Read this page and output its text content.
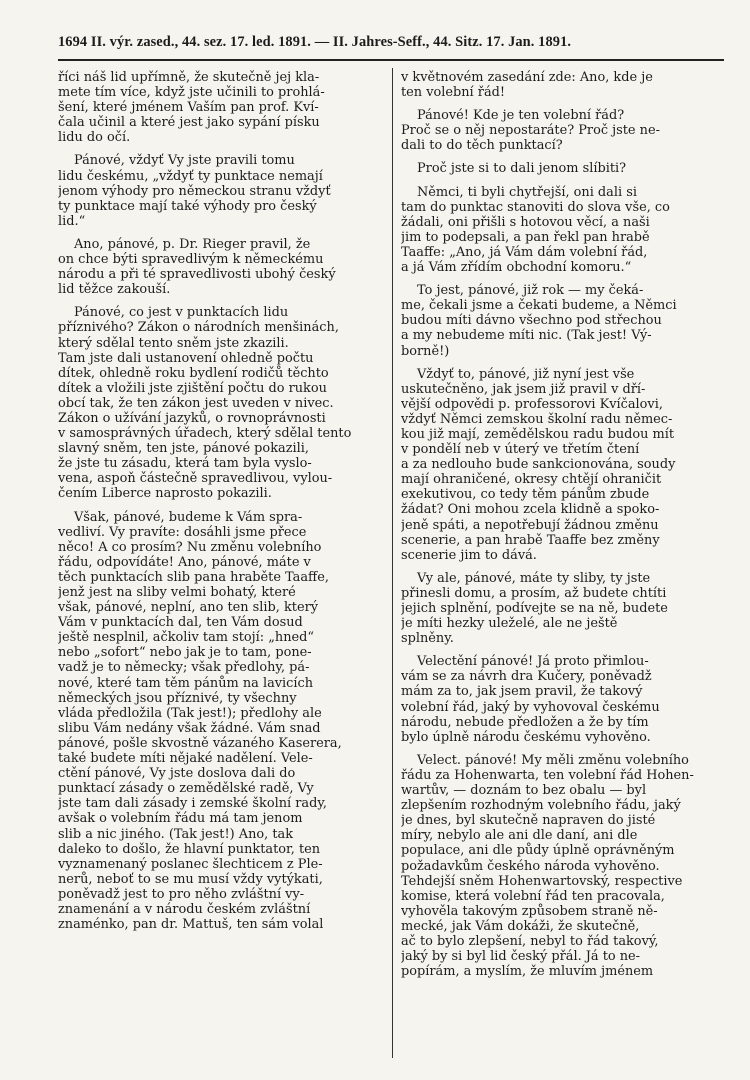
1694 II. výr. zased., 44. sez. 17. led. 1891. — II. Jahres-Seff., 44. Sitz. 17. Jan. 1891.
říci náš lid upřímně, že skutečně jej kla-
mete tím více, když jste učinili to prohlá-
šení, které jménem Vaším pan prof. Kví-
čala učinil a které jest jako sypání písku
lidu do očí.
Pánové, vždyť Vy jste pravili tomu
lidu českému, „vždyť ty punktace nemají
jenom výhody pro německou stranu vždyť
ty punktace mají také výhody pro český
lid.“
Ano, pánové, p. Dr. Rieger pravil, že
on chce býti spravedlivým k německému
národu a při té spravedlivosti ubohý český
lid těžce zakouší.
Pánové, co jest v punktacích lidu
příznivého? Zákon o národních menšinách,
který sdělal tento sněm jste zkazili.
Tam jste dali ustanovení ohledně počtu
dítek, ohledně roku bydlení rodičů těchto
dítek a vložili jste zjištění počtu do rukou
obcí tak, že ten zákon jest uveden v nivec.
Zákon o užívání jazyků, o rovnoprávnosti
v samosprávných úřadech, který sdělal tento
slavný sněm, ten jste, pánové pokazili,
že jste tu zásadu, která tam byla vyslo-
vena, aspoň částečně spravedlivou, vylou-
čením Liberce naprosto pokazili.
Však, pánové, budeme k Vám spra-
vedliví. Vy pravíte: dosáhli jsme přece
něco! A co prosím? Nu změnu volebního
řádu, odpovídáte! Ano, pánové, máte v
těch punktacích slib pana hraběte Taaffe,
jenž jest na sliby velmi bohatý, které
však, pánové, neplní, ano ten slib, který
Vám v punktacích dal, ten Vám dosud
ještě nesplnil, ačkoliv tam stojí: „hned“
nebo „sofort“ nebo jak je to tam, pone-
vadž je to německy; však předlohy, pá-
nové, které tam těm pánům na lavicích
německých jsou příznivé, ty všechny
vláda předložila (Tak jest!); předlohy ale
slibu Vám nedány však žádné. Vám snad
pánové, pošle skvostně vázaného Kaserera,
také budete míti nějaké nadělení. Vele-
ctění pánové, Vy jste doslova dali do
punktací zásady o zemědělské radě, Vy
jste tam dali zásady i zemské školní rady,
avšak o volebním řádu má tam jenom
slib a nic jiného. (Tak jest!) Ano, tak
daleko to došlo, že hlavní punktator, ten
vyznamenaný poslanec šlechticem z Ple-
nerů, neboť to se mu musí vždy vytýkati,
poněvadž jest to pro něho zvláštní vy-
znamenání a v národu českém zvláštní
znaménko, pan dr. Mattuš, ten sám volal
v květnovém zasedání zde: Ano, kde je
ten volební řád!
Pánové! Kde je ten volební řád?
Proč se o něj nepostaráte? Proč jste ne-
dali to do těch punktací?
Proč jste si to dali jenom slíbiti?
Němci, ti byli chytřejší, oni dali si
tam do punktac stanoviti do slova vše, co
žádali, oni přišli s hotovou věcí, a naši
jim to podepsali, a pan řekl pan hrabě
Taaffe: „Ano, já Vám dám volební řád,
a já Vám zřídím obchodní komoru.“
To jest, pánové, již rok — my čeká-
me, čekali jsme a čekati budeme, a Němci
budou míti dávno všechno pod střechou
a my nebudeme míti nic. (Tak jest! Vý-
borně!)
Vždyť to, pánové, již nyní jest vše
uskutečněno, jak jsem již pravil v dří-
vější odpovědi p. professorovi Kvíčalovi,
vždyť Němci zemskou školní radu němec-
kou již mají, zemědělskou radu budou mít
v pondělí neb v úterý ve třetím čtení
a za nedlouho bude sankcionována, soudy
mají ohraničené, okresy chtějí ohraničit
exekutivou, co tedy těm pánům zbude
žádat? Oni mohou zcela klidně a spoko-
jeně spáti, a nepotřebují žádnou změnu
scenerie, a pan hrabě Taaffe bez změny
scenerie jim to dává.
Vy ale, pánové, máte ty sliby, ty jste
přinesli domu, a prosím, až budete chtíti
jejich splnění, podívejte se na ně, budete
je míti hezky uleželé, ale ne ještě
splněny.
Velectění pánové! Já proto přimlou-
vám se za návrh dra Kučery, poněvadž
mám za to, jak jsem pravil, že takový
volební řád, jaký by vyhovoval českému
národu, nebude předložen a že by tím
bylo úplně národu českému vyhověno.
Velect. pánové! My měli změnu volebního
řádu za Hohenwarta, ten volební řád Hohen-
wartův, — doznám to bez obalu — byl
zlepšením rozhodným volebního řádu, jaký
je dnes, byl skutečně napraven do jisté
míry, nebylo ale ani dle daní, ani dle
populace, ani dle půdy úplně oprávněným
požadavkům českého národa vyhověno.
Tehdejší sněm Hohenwartovský, respective
komise, která volební řád ten pracovala,
vyhověla takovým způsobem straně ně-
mecké, jak Vám dokáži, že skutečně,
ač to bylo zlepšení, nebyl to řád takový,
jaký by si byl lid český přál. Já to ne-
popírám, a myslím, že mluvím jménem
